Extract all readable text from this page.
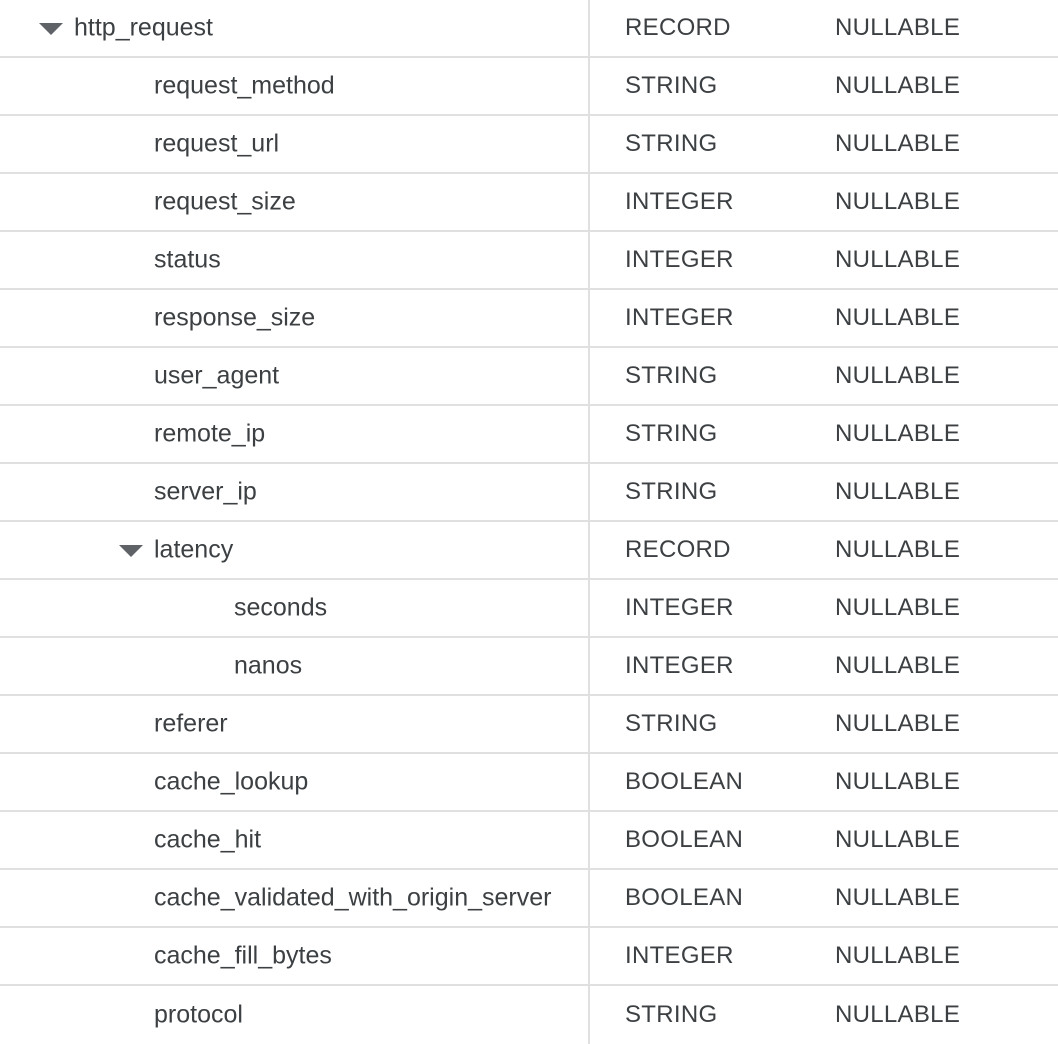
http_request	RECORD	NULLABLE
request_method	STRING	NULLABLE
request_url	STRING	NULLABLE
request_size	INTEGER	NULLABLE
status	INTEGER	NULLABLE
response_size	INTEGER	NULLABLE
user_agent	STRING	NULLABLE
remote_ip	STRING	NULLABLE
server_ip	STRING	NULLABLE
latency	RECORD	NULLABLE
seconds	INTEGER	NULLABLE
nanos	INTEGER	NULLABLE
referer	STRING	NULLABLE
cache_lookup	BOOLEAN	NULLABLE
cache_hit	BOOLEAN	NULLABLE
cache_validated_with_origin_server	BOOLEAN	NULLABLE
cache_fill_bytes	INTEGER	NULLABLE
protocol	STRING	NULLABLE
